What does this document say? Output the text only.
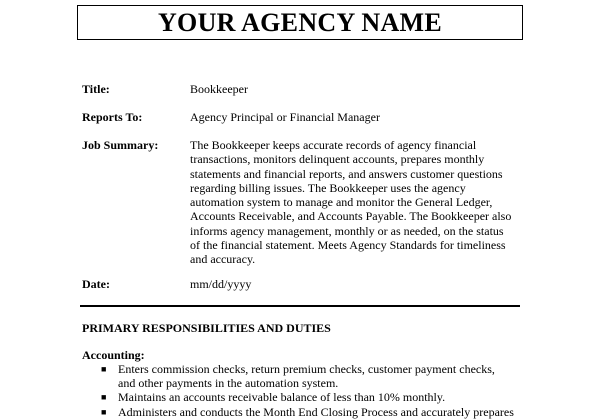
YOUR AGENCY NAME
Title:	Bookkeeper
Reports To:	Agency Principal or Financial Manager
Job Summary:	The Bookkeeper keeps accurate records of agency financial
transactions, monitors delinquent accounts, prepares monthly
statements and financial reports, and answers customer questions
regarding billing issues. The Bookkeeper uses the agency
automation system to manage and monitor the General Ledger,
Accounts Receivable, and Accounts Payable. The Bookkeeper also
informs agency management, monthly or as needed, on the status
of the financial statement. Meets Agency Standards for timeliness
and accuracy.
Date:	mm/dd/yyyy
PRIMARY RESPONSIBILITIES AND DUTIES
Accounting:
■ Enters commission checks, return premium checks, customer payment checks,
and other payments in the automation system.
■ Maintains an accounts receivable balance of less than 10% monthly.
■ Administers and conducts the Month End Closing Process and accurately prepares
